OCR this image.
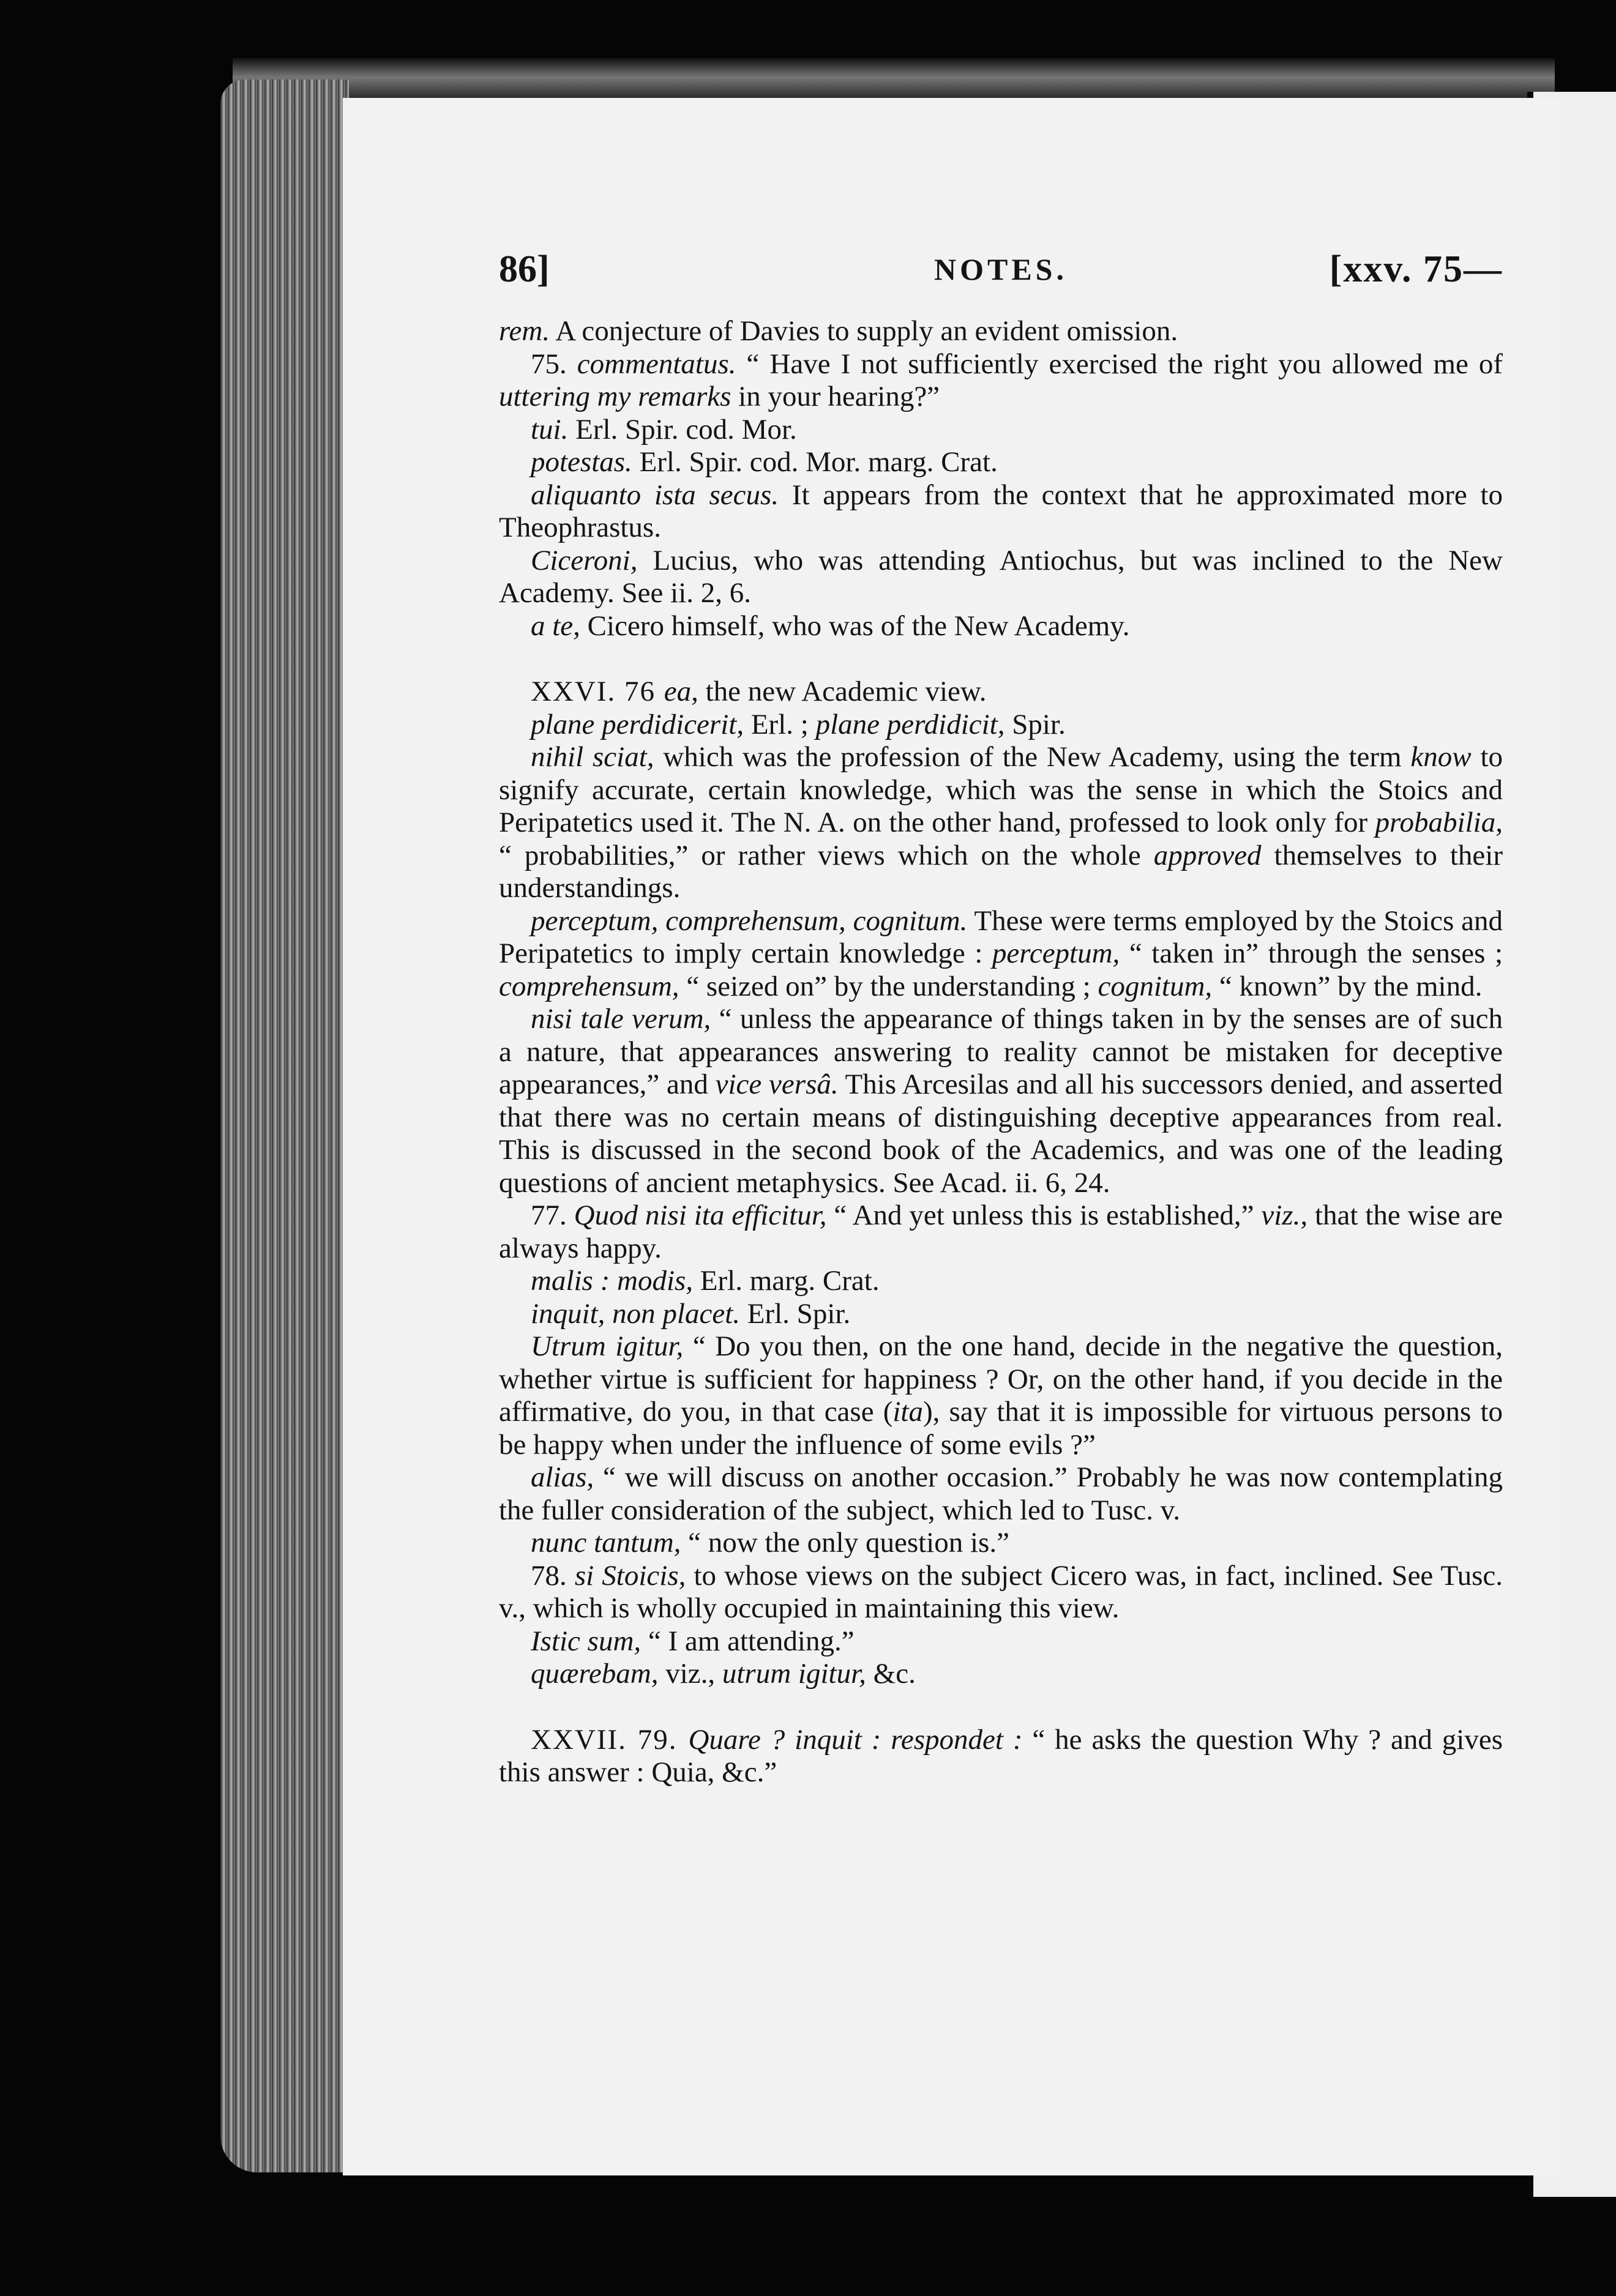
86]	NOTES.	[xxv. 75—

rem. A conjecture of Davies to supply an evident omission.

75. commentatus. “ Have I not sufficiently exercised the right you allowed me of uttering my remarks in your hearing?”

tui. Erl. Spir. cod. Mor.

potestas. Erl. Spir. cod. Mor. marg. Crat.

aliquanto ista secus. It appears from the context that he approximated more to Theophrastus.

Ciceroni, Lucius, who was attending Antiochus, but was inclined to the New Academy. See ii. 2, 6.

a te, Cicero himself, who was of the New Academy.

XXVI. 76 ea, the new Academic view.

plane perdidicerit, Erl. ; plane perdidicit, Spir.

nihil sciat, which was the profession of the New Academy, using the term know to signify accurate, certain knowledge, which was the sense in which the Stoics and Peripatetics used it. The N. A. on the other hand, professed to look only for probabilia, “ probabilities,” or rather views which on the whole approved themselves to their understandings.

perceptum, comprehensum, cognitum. These were terms employed by the Stoics and Peripatetics to imply certain knowledge : perceptum, “ taken in” through the senses ; comprehensum, “ seized on” by the understanding ; cognitum, “ known” by the mind.

nisi tale verum, “ unless the appearance of things taken in by the senses are of such a nature, that appearances answering to reality cannot be mistaken for deceptive appearances,” and vice versâ. This Arcesilas and all his successors denied, and asserted that there was no certain means of distinguishing deceptive appearances from real. This is discussed in the second book of the Academics, and was one of the leading questions of ancient metaphysics. See Acad. ii. 6, 24.

77. Quod nisi ita efficitur, “ And yet unless this is established,” viz., that the wise are always happy.

malis : modis, Erl. marg. Crat.

inquit, non placet. Erl. Spir.

Utrum igitur, “ Do you then, on the one hand, decide in the negative the question, whether virtue is sufficient for happiness ? Or, on the other hand, if you decide in the affirmative, do you, in that case (ita), say that it is impossible for virtuous persons to be happy when under the influence of some evils ?”

alias, “ we will discuss on another occasion.” Probably he was now contemplating the fuller consideration of the subject, which led to Tusc. v.

nunc tantum, “ now the only question is.”

78. si Stoicis, to whose views on the subject Cicero was, in fact, inclined. See Tusc. v., which is wholly occupied in maintaining this view.

Istic sum, “ I am attending.”

quærebam, viz., utrum igitur, &c.

XXVII. 79. Quare ? inquit : respondet : “ he asks the question Why ? and gives this answer : Quia, &c.”
